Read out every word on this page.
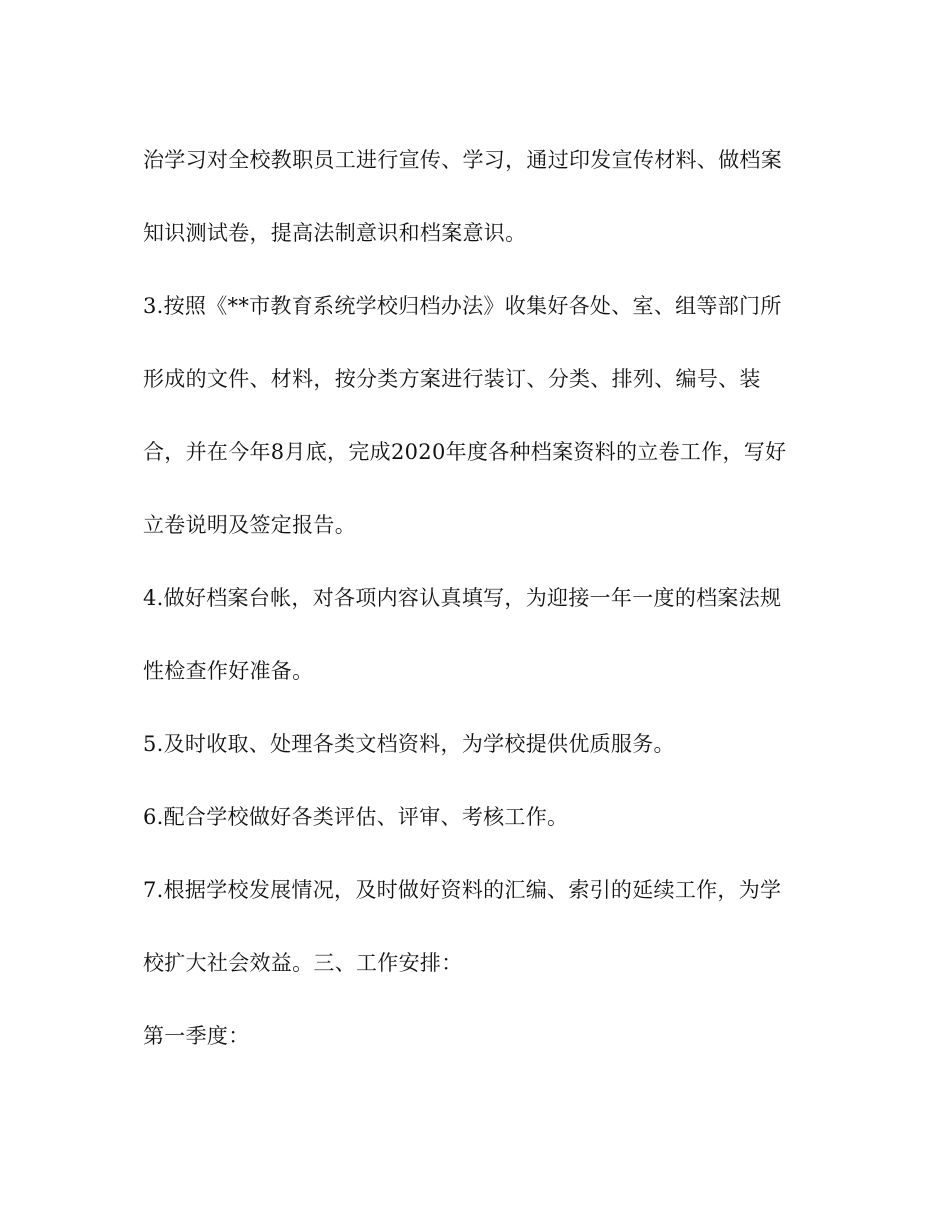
治学习对全校教职员工进行宣传、学习，通过印发宣传材料、做档案
知识测试卷，提高法制意识和档案意识。
3.按照《**市教育系统学校归档办法》收集好各处、室、组等部门所
形成的文件、材料，按分类方案进行装订、分类、排列、编号、装
合，并在今年8月底，完成2020年度各种档案资料的立卷工作，写好
立卷说明及签定报告。
4.做好档案台帐，对各项内容认真填写，为迎接一年一度的档案法规
性检查作好准备。
5.及时收取、处理各类文档资料，为学校提供优质服务。
6.配合学校做好各类评估、评审、考核工作。
7.根据学校发展情况，及时做好资料的汇编、索引的延续工作，为学
校扩大社会效益。三、工作安排：
第一季度：
